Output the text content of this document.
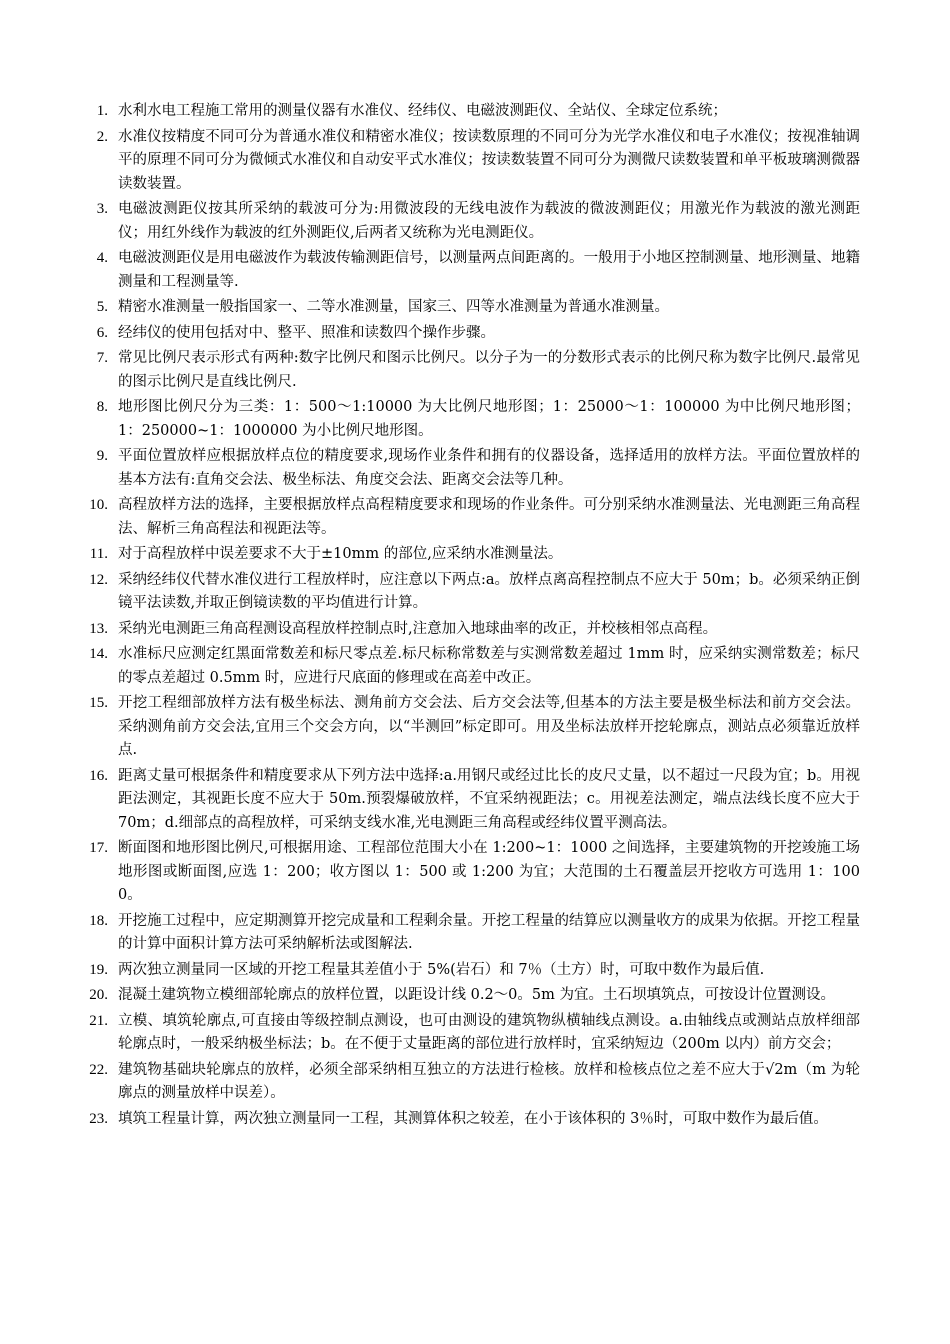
1. 水利水电工程施工常用的测量仪器有水准仪、经纬仪、电磁波测距仪、全站仪、全球定位系统；
2. 水准仪按精度不同可分为普通水准仪和精密水准仪；按读数原理的不同可分为光学水准仪和电子水准仪；按视准轴调平的原理不同可分为微倾式水准仪和自动安平式水准仪；按读数装置不同可分为测微尺读数装置和单平板玻璃测微器读数装置。
3. 电磁波测距仪按其所采纳的载波可分为:用微波段的无线电波作为载波的微波测距仪；用激光作为载波的激光测距仪；用红外线作为载波的红外测距仪,后两者又统称为光电测距仪。
4. 电磁波测距仪是用电磁波作为载波传输测距信号，以测量两点间距离的。一般用于小地区控制测量、地形测量、地籍测量和工程测量等.
5. 精密水准测量一般指国家一、二等水准测量，国家三、四等水准测量为普通水准测量。
6. 经纬仪的使用包括对中、整平、照准和读数四个操作步骤。
7. 常见比例尺表示形式有两种:数字比例尺和图示比例尺。以分子为一的分数形式表示的比例尺称为数字比例尺.最常见的图示比例尺是直线比例尺.
8. 地形图比例尺分为三类：1：500～1:10000 为大比例尺地形图；1：25000～1：100000 为中比例尺地形图；1：250000~1：1000000 为小比例尺地形图。
9. 平面位置放样应根据放样点位的精度要求,现场作业条件和拥有的仪器设备，选择适用的放样方法。平面位置放样的基本方法有:直角交会法、极坐标法、角度交会法、距离交会法等几种。
10. 高程放样方法的选择，主要根据放样点高程精度要求和现场的作业条件。可分别采纳水准测量法、光电测距三角高程法、解析三角高程法和视距法等。
11. 对于高程放样中误差要求不大于±10mm 的部位,应采纳水准测量法。
12. 采纳经纬仪代替水准仪进行工程放样时，应注意以下两点:a。放样点离高程控制点不应大于 50m；b。必须采纳正倒镜平法读数,并取正倒镜读数的平均值进行计算。
13. 采纳光电测距三角高程测设高程放样控制点时,注意加入地球曲率的改正，并校核相邻点高程。
14. 水准标尺应测定红黑面常数差和标尺零点差.标尺标称常数差与实测常数差超过 1mm 时，应采纳实测常数差；标尺的零点差超过 0.5mm 时，应进行尺底面的修理或在高差中改正。
15. 开挖工程细部放样方法有极坐标法、测角前方交会法、后方交会法等,但基本的方法主要是极坐标法和前方交会法。采纳测角前方交会法,宜用三个交会方向，以“半测回”标定即可。用及坐标法放样开挖轮廓点，测站点必须靠近放样点.
16. 距离丈量可根据条件和精度要求从下列方法中选择:a.用钢尺或经过比长的皮尺丈量，以不超过一尺段为宜；b。用视距法测定，其视距长度不应大于 50m.预裂爆破放样，不宜采纳视距法；c。用视差法测定，端点法线长度不应大于 70m；d.细部点的高程放样，可采纳支线水准,光电测距三角高程或经纬仪置平测高法。
17. 断面图和地形图比例尺,可根据用途、工程部位范围大小在 1:200~1：1000 之间选择，主要建筑物的开挖竣施工场地形图或断面图,应选 1：200；收方图以 1：500 或 1:200 为宜；大范围的土石覆盖层开挖收方可选用 1：1000。
18. 开挖施工过程中，应定期测算开挖完成量和工程剩余量。开挖工程量的结算应以测量收方的成果为依据。开挖工程量的计算中面积计算方法可采纳解析法或图解法.
19. 两次独立测量同一区域的开挖工程量其差值小于 5%(岩石）和 7％（土方）时，可取中数作为最后值.
20. 混凝土建筑物立模细部轮廓点的放样位置，以距设计线 0.2～0。5m 为宜。土石坝填筑点，可按设计位置测设。
21. 立模、填筑轮廓点,可直接由等级控制点测设，也可由测设的建筑物纵横轴线点测设。a.由轴线点或测站点放样细部轮廓点时，一般采纳极坐标法；b。在不便于丈量距离的部位进行放样时，宜采纳短边（200m 以内）前方交会；
22. 建筑物基础块轮廓点的放样，必须全部采纳相互独立的方法进行检核。放样和检核点位之差不应大于√2m（m 为轮廓点的测量放样中误差）。
23. 填筑工程量计算，两次独立测量同一工程，其测算体积之较差，在小于该体积的 3％时，可取中数作为最后值。
